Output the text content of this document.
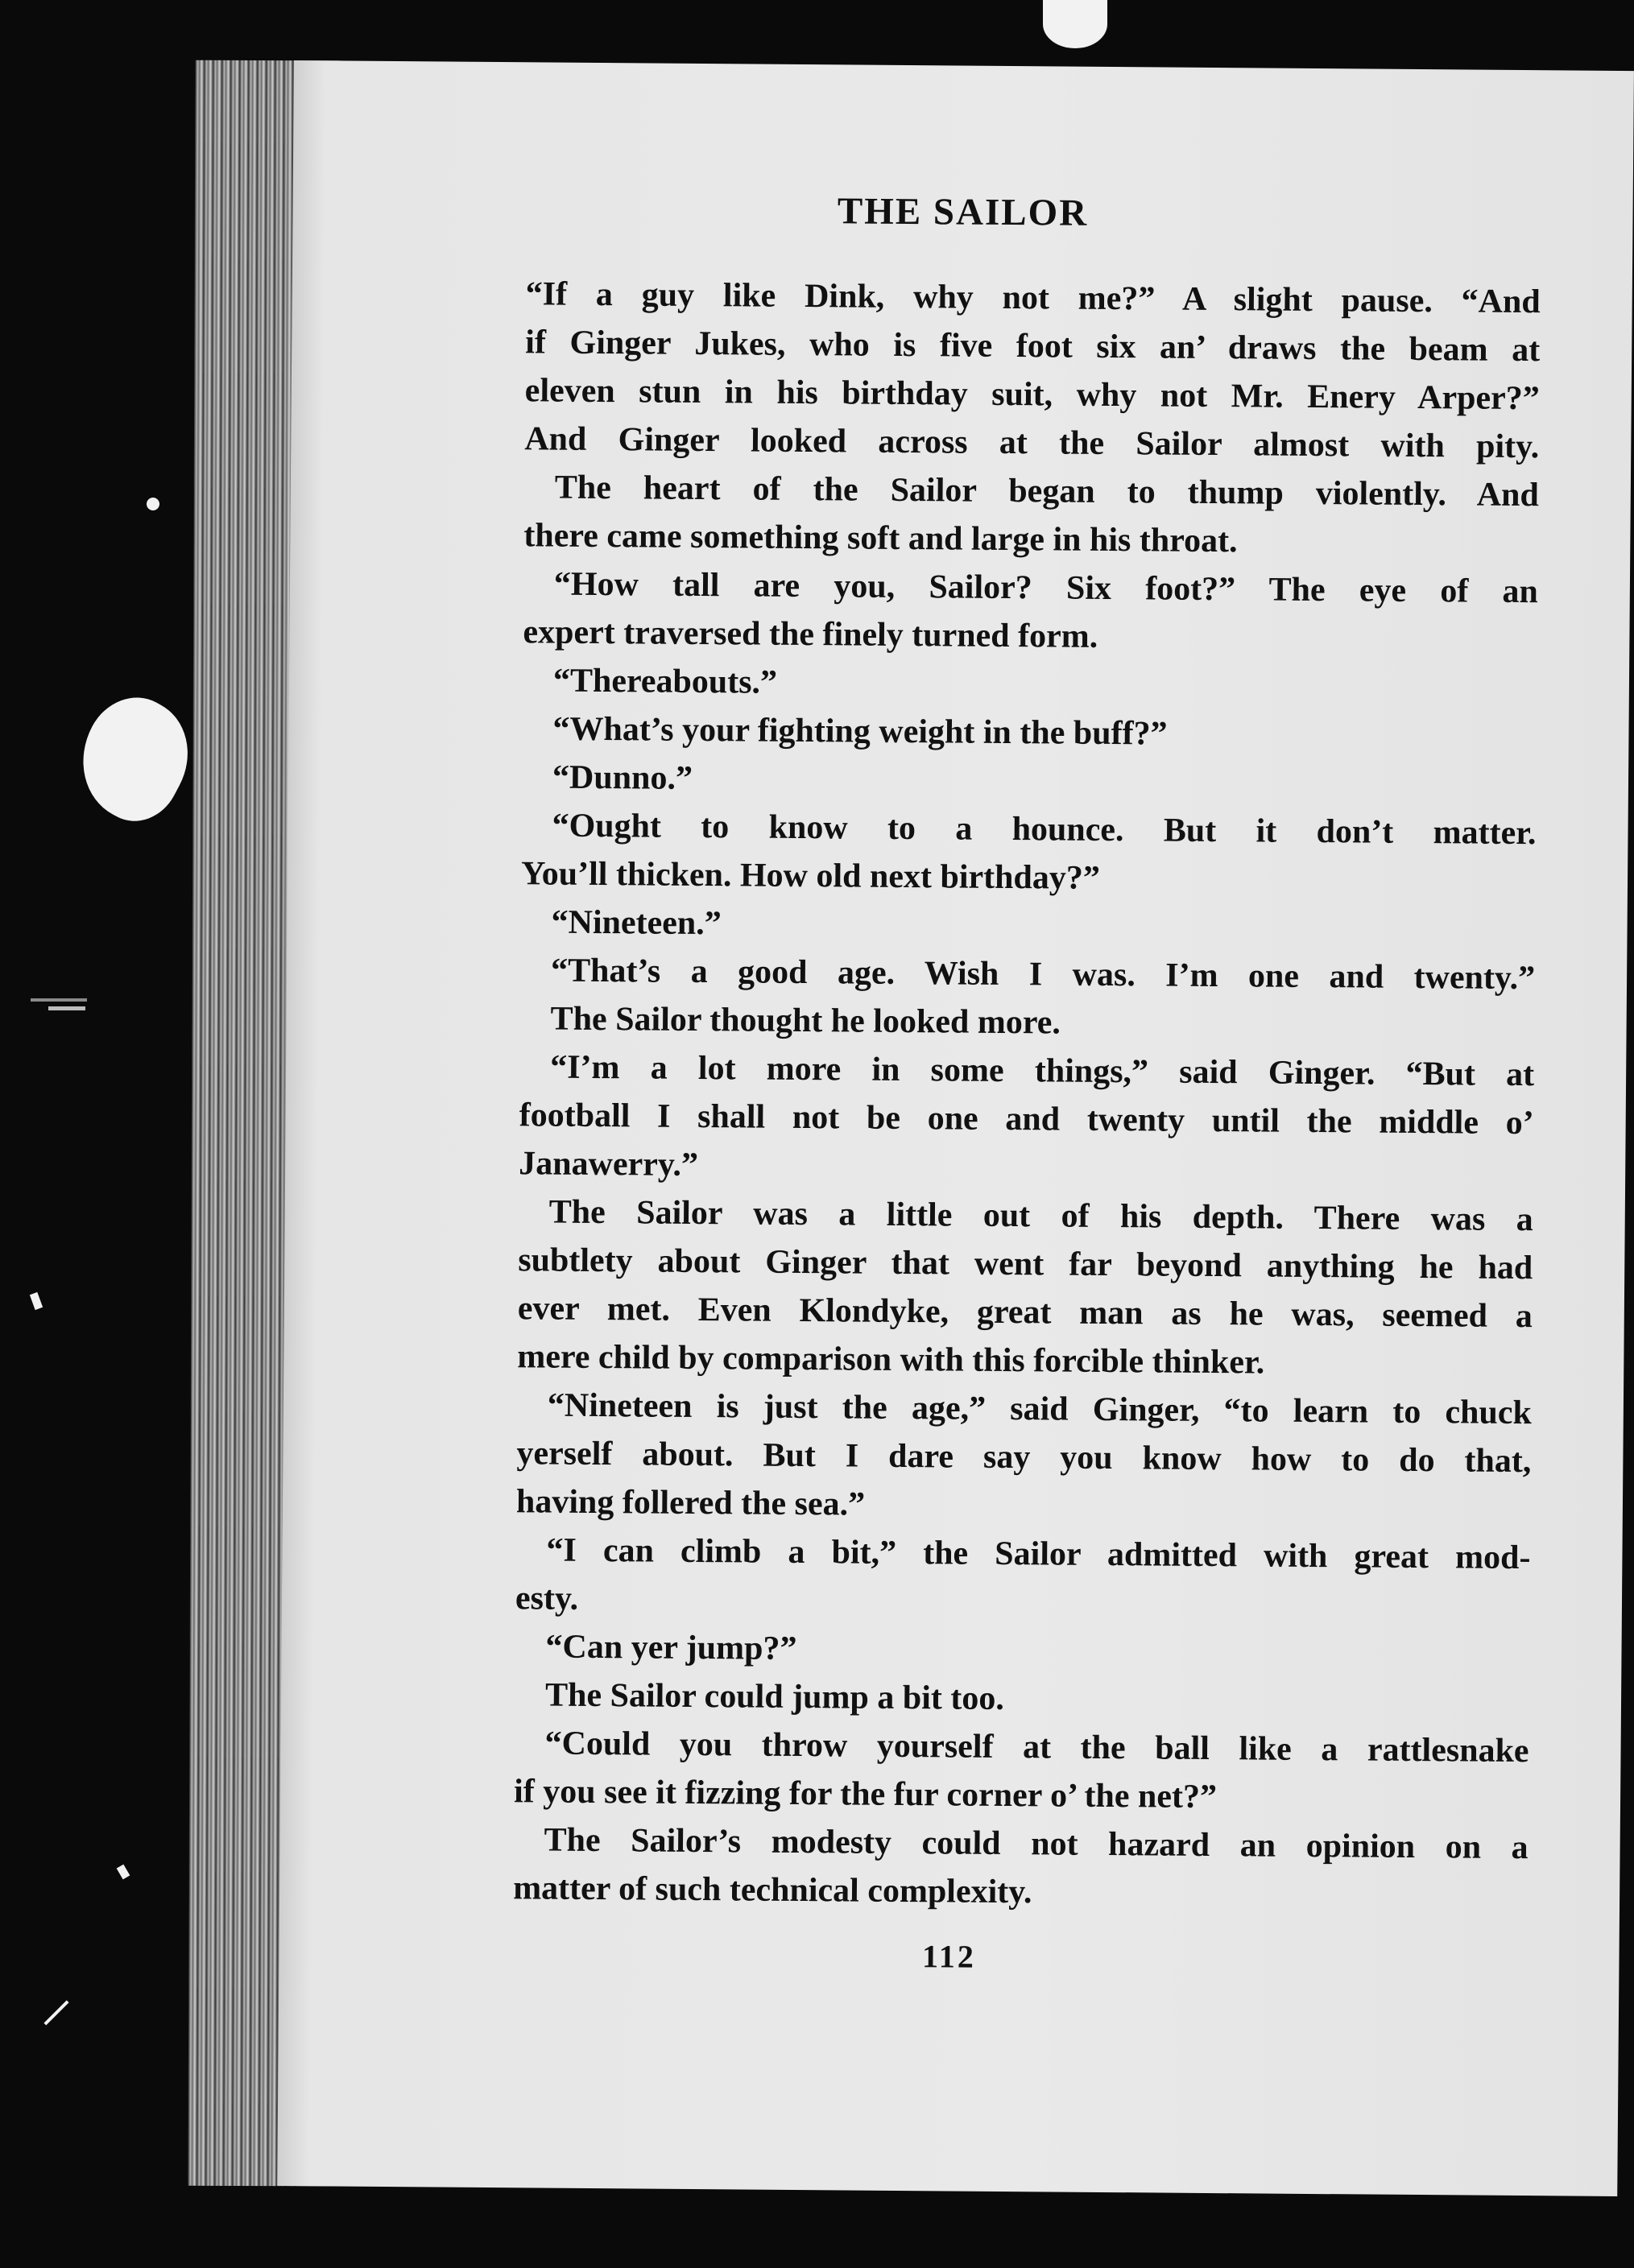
THE SAILOR
“If a guy like Dink, why not me?” A slight pause. “And
if Ginger Jukes, who is five foot six an’ draws the beam at
eleven stun in his birthday suit, why not Mr. Enery Arper?”
And Ginger looked across at the Sailor almost with pity.
The heart of the Sailor began to thump violently. And
there came something soft and large in his throat.
“How tall are you, Sailor? Six foot?” The eye of an
expert traversed the finely turned form.
“Thereabouts.”
“What’s your fighting weight in the buff?”
“Dunno.”
“Ought to know to a hounce. But it don’t matter.
You’ll thicken. How old next birthday?”
“Nineteen.”
“That’s a good age. Wish I was. I’m one and twenty.”
The Sailor thought he looked more.
“I’m a lot more in some things,” said Ginger. “But at
football I shall not be one and twenty until the middle o’
Janawerry.”
The Sailor was a little out of his depth. There was a
subtlety about Ginger that went far beyond anything he had
ever met. Even Klondyke, great man as he was, seemed a
mere child by comparison with this forcible thinker.
“Nineteen is just the age,” said Ginger, “to learn to chuck
yerself about. But I dare say you know how to do that,
having follered the sea.”
“I can climb a bit,” the Sailor admitted with great mod-
esty.
“Can yer jump?”
The Sailor could jump a bit too.
“Could you throw yourself at the ball like a rattlesnake
if you see it fizzing for the fur corner o’ the net?”
The Sailor’s modesty could not hazard an opinion on a
matter of such technical complexity.
112
